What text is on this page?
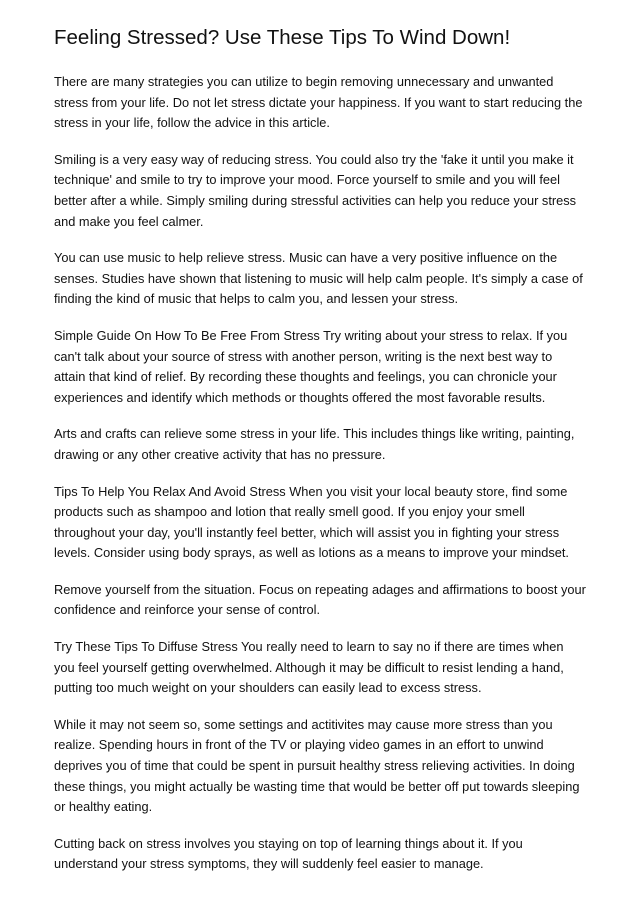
Feeling Stressed? Use These Tips To Wind Down!

There are many strategies you can utilize to begin removing unnecessary and unwanted stress from your life. Do not let stress dictate your happiness. If you want to start reducing the stress in your life, follow the advice in this article.

Smiling is a very easy way of reducing stress. You could also try the 'fake it until you make it technique' and smile to try to improve your mood. Force yourself to smile and you will feel better after a while. Simply smiling during stressful activities can help you reduce your stress and make you feel calmer.

You can use music to help relieve stress. Music can have a very positive influence on the senses. Studies have shown that listening to music will help calm people. It's simply a case of finding the kind of music that helps to calm you, and lessen your stress.

Simple Guide On How To Be Free From Stress Try writing about your stress to relax. If you can't talk about your source of stress with another person, writing is the next best way to attain that kind of relief. By recording these thoughts and feelings, you can chronicle your experiences and identify which methods or thoughts offered the most favorable results.

Arts and crafts can relieve some stress in your life. This includes things like writing, painting, drawing or any other creative activity that has no pressure.

Tips To Help You Relax And Avoid Stress When you visit your local beauty store, find some products such as shampoo and lotion that really smell good. If you enjoy your smell throughout your day, you'll instantly feel better, which will assist you in fighting your stress levels. Consider using body sprays, as well as lotions as a means to improve your mindset.

Remove yourself from the situation. Focus on repeating adages and affirmations to boost your confidence and reinforce your sense of control.

Try These Tips To Diffuse Stress You really need to learn to say no if there are times when you feel yourself getting overwhelmed. Although it may be difficult to resist lending a hand, putting too much weight on your shoulders can easily lead to excess stress.

While it may not seem so, some settings and actitivites may cause more stress than you realize. Spending hours in front of the TV or playing video games in an effort to unwind deprives you of time that could be spent in pursuit healthy stress relieving activities. In doing these things, you might actually be wasting time that would be better off put towards sleeping or healthy eating.

Cutting back on stress involves you staying on top of learning things about it. If you understand your stress symptoms, they will suddenly feel easier to manage.
